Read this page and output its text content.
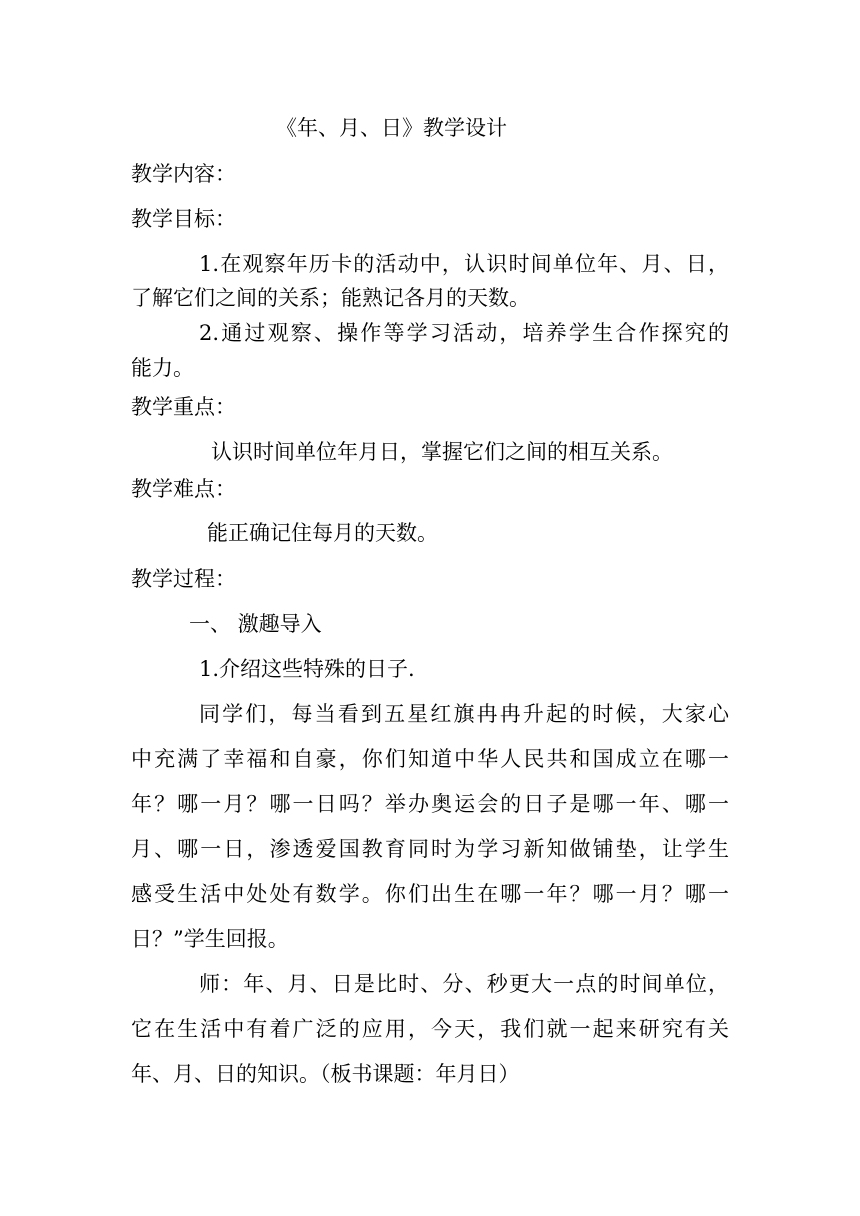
《年、月、日》教学设计
教学内容：
教学目标：
1.在观察年历卡的活动中，认识时间单位年、月、日，
了解它们之间的关系；能熟记各月的天数。
2.通过观察、操作等学习活动，培养学生合作探究的
能力。
教学重点：
认识时间单位年月日，掌握它们之间的相互关系。
教学难点：
能正确记住每月的天数。
教学过程：
一、 激趣导入
1.介绍这些特殊的日子.
同学们，每当看到五星红旗冉冉升起的时候，大家心
中充满了幸福和自豪，你们知道中华人民共和国成立在哪一
年？哪一月？哪一日吗？举办奥运会的日子是哪一年、哪一
月、哪一日，渗透爱国教育同时为学习新知做铺垫，让学生
感受生活中处处有数学。你们出生在哪一年？哪一月？哪一
日？”学生回报。
师：年、月、日是比时、分、秒更大一点的时间单位，
它在生活中有着广泛的应用，今天，我们就一起来研究有关
年、月、日的知识。（板书课题：年月日）
